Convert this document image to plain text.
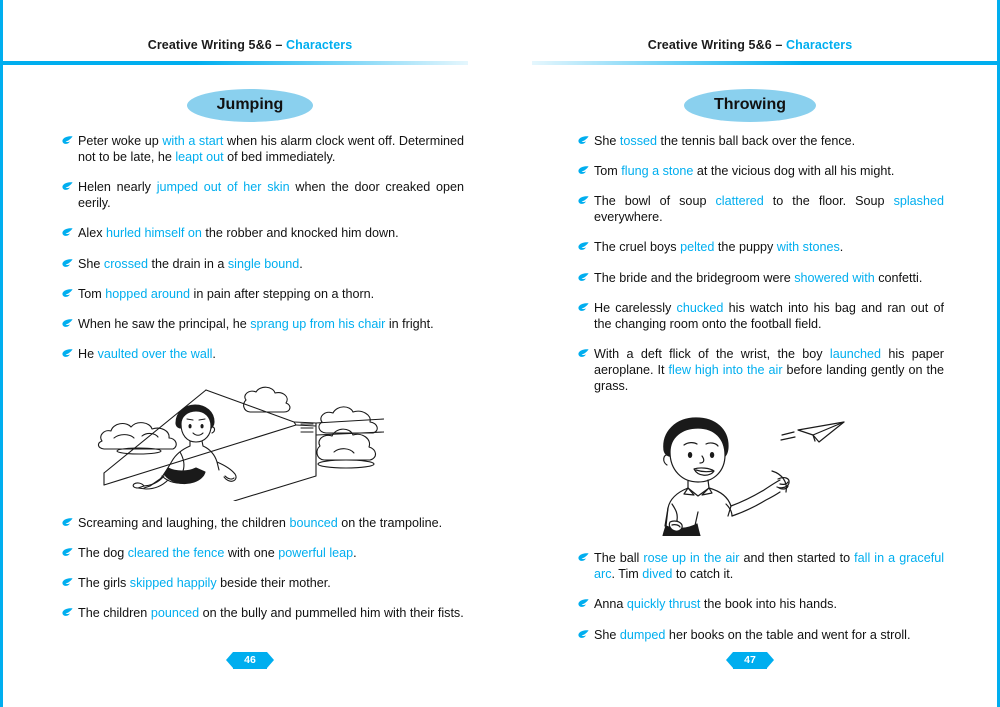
Creative Writing 5&6 – Characters
Jumping
Peter woke up with a start when his alarm clock went off. Determined not to be late, he leapt out of bed immediately.
Helen nearly jumped out of her skin when the door creaked open eerily.
Alex hurled himself on the robber and knocked him down.
She crossed the drain in a single bound.
Tom hopped around in pain after stepping on a thorn.
When he saw the principal, he sprang up from his chair in fright.
He vaulted over the wall.
Screaming and laughing, the children bounced on the trampoline.
The dog cleared the fence with one powerful leap.
The girls skipped happily beside their mother.
The children pounced on the bully and pummelled him with their fists.
46
Creative Writing 5&6 – Characters
Throwing
She tossed the tennis ball back over the fence.
Tom flung a stone at the vicious dog with all his might.
The bowl of soup clattered to the floor. Soup splashed everywhere.
The cruel boys pelted the puppy with stones.
The bride and the bridegroom were showered with confetti.
He carelessly chucked his watch into his bag and ran out of the changing room onto the football field.
With a deft flick of the wrist, the boy launched his paper aeroplane. It flew high into the air before landing gently on the grass.
The ball rose up in the air and then started to fall in a graceful arc. Tim dived to catch it.
Anna quickly thrust the book into his hands.
She dumped her books on the table and went for a stroll.
47
